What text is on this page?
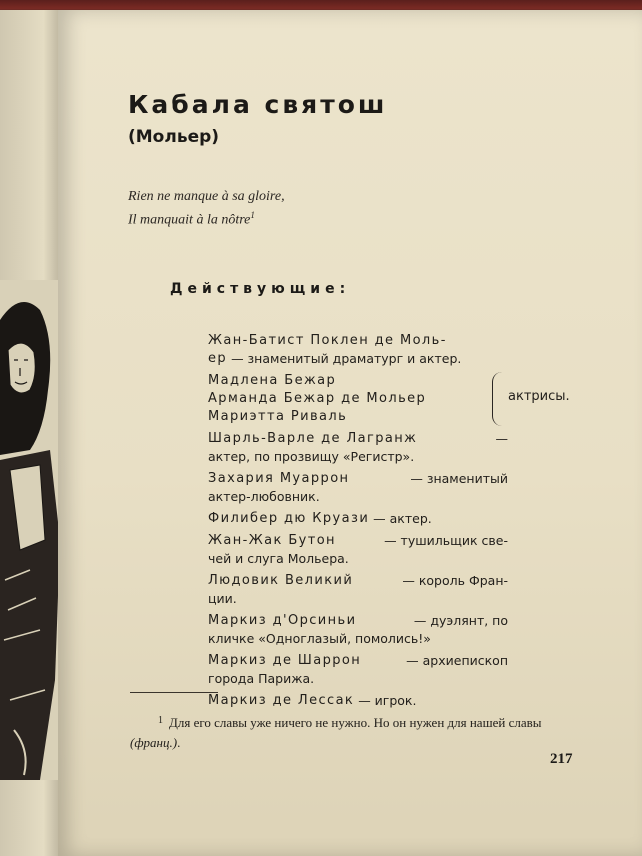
Кабала святош
(Мольер)
Rien ne manque à sa gloire,
Il manquait à la nôtre$^1$
Действующие:
Жан-Батист Поклен де Моль-
ер — знаменитый драматург и актер.
Мадлена Бежар
Арманда Бежар де Мольер
Мариэтта Риваль
актрисы.
Шарль-Варле де Лагранж	—
актер, по прозвищу «Регистр».
Захария Муаррон	— знаменитый
актер-любовник.
Филибер дю Круази — актер.
Жан-Жак Бутон	— тушильщик све-
чей и слуга Мольера.
Людовик Великий	— король Фран-
ции.
Маркиз д'Орсиньи	— дуэлянт, по
кличке «Одноглазый, помолись!»
Маркиз де Шаррон	— архиепископ
города Парижа.
Маркиз де Лессак — игрок.
$^1$ Для его славы уже ничего не нужно. Но он нужен для нашей славы (франц.).
217
